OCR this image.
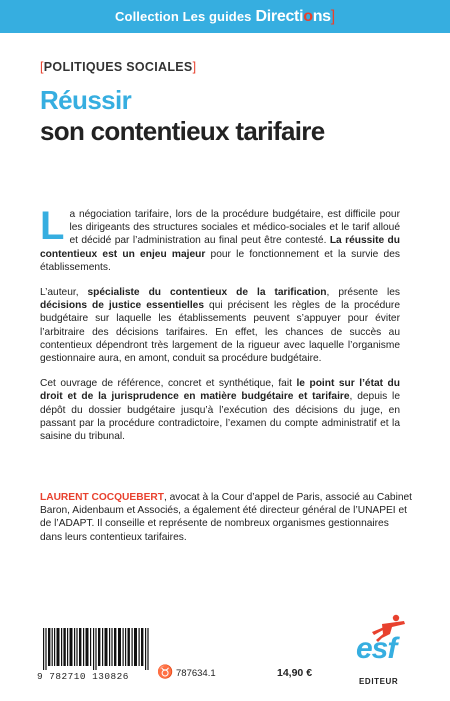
Collection Les guides Directions]
[POLITIQUES SOCIALES]
Réussir
son contentieux tarifaire

La négociation tarifaire, lors de la procédure budgétaire, est difficile pour les dirigeants des structures sociales et médico-sociales et le tarif alloué et décidé par l’administration au final peut être contesté. La réussite du contentieux est un enjeu majeur pour le fonctionnement et la survie des établissements.

L’auteur, spécialiste du contentieux de la tarification, présente les décisions de justice essentielles qui précisent les règles de la procédure budgétaire sur laquelle les établissements peuvent s’appuyer pour éviter l’arbitraire des décisions tarifaires. En effet, les chances de succès au contentieux dépendront très largement de la rigueur avec laquelle l’organisme gestionnaire aura, en amont, conduit sa procédure budgétaire.

Cet ouvrage de référence, concret et synthétique, fait le point sur l’état du droit et de la jurisprudence en matière budgétaire et tarifaire, depuis le dépôt du dossier budgétaire jusqu’à l’exécution des décisions du juge, en passant par la procédure contradictoire, l’examen du compte administratif et la saisine du tribunal.

LAURENT COCQUEBERT, avocat à la Cour d’appel de Paris, associé au Cabinet Baron, Aidenbaum et Associés, a également été directeur général de l’UNAPEI et de l’ADAPT. Il conseille et représente de nombreux organismes gestionnaires dans leurs contentieux tarifaires.
9 782710 130826	♉ 787634.1	14,90 €
esf
EDITEUR
